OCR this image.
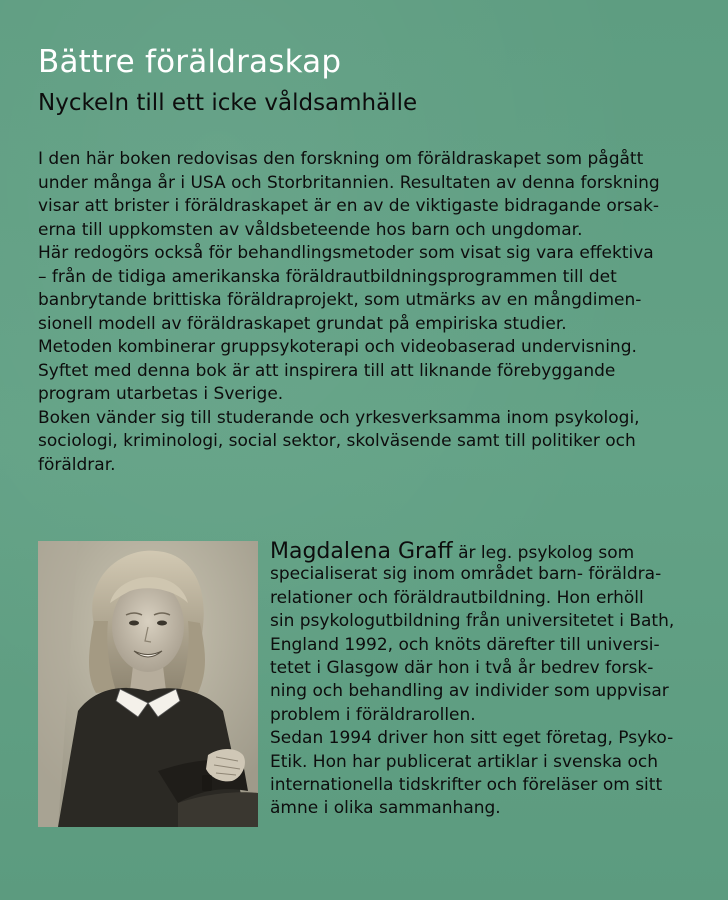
Bättre föräldraskap
Nyckeln till ett icke våldsamhälle
I den här boken redovisas den forskning om föräldraskapet som pågått
under många år i USA och Storbritannien. Resultaten av denna forskning
visar att brister i föräldraskapet är en av de viktigaste bidragande orsak-
erna till uppkomsten av våldsbeteende hos barn och ungdomar.
Här redogörs också för behandlingsmetoder som visat sig vara effektiva
– från de tidiga amerikanska föräldrautbildningsprogrammen till det
banbrytande brittiska föräldraprojekt, som utmärks av en mångdimen-
sionell modell av föräldraskapet grundat på empiriska studier.
Metoden kombinerar gruppsykoterapi och videobaserad undervisning.
Syftet med denna bok är att inspirera till att liknande förebyggande
program utarbetas i Sverige.
Boken vänder sig till studerande och yrkesverksamma inom psykologi,
sociologi, kriminologi, social sektor, skolväsende samt till politiker och
föräldrar.
Magdalena Graff är leg. psykolog som
specialiserat sig inom området barn- föräldra-
relationer och föräldrautbildning. Hon erhöll
sin psykologutbildning från universitetet i Bath,
England 1992, och knöts därefter till universi-
tetet i Glasgow där hon i två år bedrev forsk-
ning och behandling av individer som uppvisar
problem i föräldrarollen.
Sedan 1994 driver hon sitt eget företag, Psyko-
Etik. Hon har publicerat artiklar i svenska och
internationella tidskrifter och föreläser om sitt
ämne i olika sammanhang.
